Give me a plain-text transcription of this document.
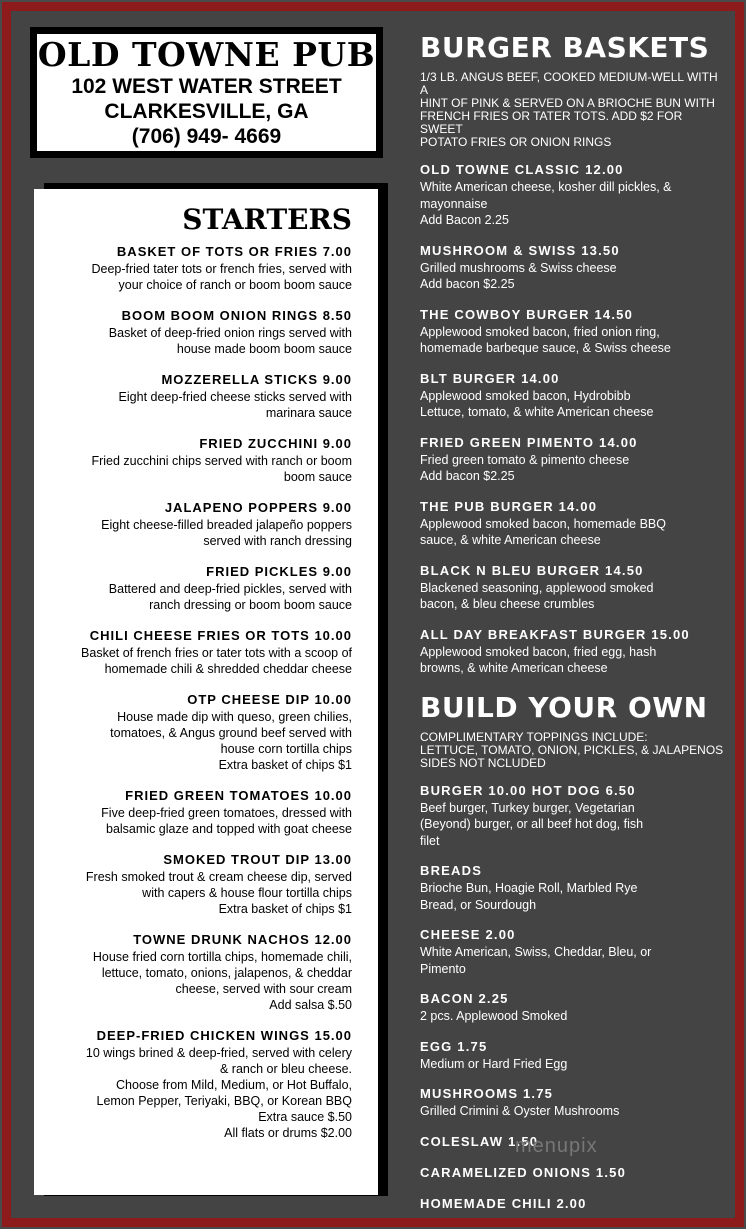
OLD TOWNE PUB
102 WEST WATER STREET
CLARKESVILLE, GA
(706) 949- 4669
STARTERS
BASKET OF TOTS OR FRIES 7.00
Deep-fried tater tots or french fries, served with
your choice of ranch or boom boom sauce
BOOM BOOM ONION RINGS 8.50
Basket of deep-fried onion rings served with
house made boom boom sauce
MOZZERELLA STICKS 9.00
Eight deep-fried cheese sticks served with
marinara sauce
FRIED ZUCCHINI 9.00
Fried zucchini chips served with ranch or boom
boom sauce
JALAPENO POPPERS 9.00
Eight cheese-filled breaded jalapeño poppers
served with ranch dressing
FRIED PICKLES 9.00
Battered and deep-fried pickles, served with
ranch dressing or boom boom sauce
CHILI CHEESE FRIES OR TOTS 10.00
Basket of french fries or tater tots with a scoop of
homemade chili & shredded cheddar cheese
OTP CHEESE DIP 10.00
House made dip with queso, green chilies,
tomatoes, & Angus ground beef served with
house corn tortilla chips
Extra basket of chips $1
FRIED GREEN TOMATOES 10.00
Five deep-fried green tomatoes, dressed with
balsamic glaze and topped with goat cheese
SMOKED TROUT DIP 13.00
Fresh smoked trout & cream cheese dip, served
with capers & house flour tortilla chips
Extra basket of chips $1
TOWNE DRUNK NACHOS 12.00
House fried corn tortilla chips, homemade chili,
lettuce, tomato, onions, jalapenos, & cheddar
cheese, served with sour cream
Add salsa $.50
DEEP-FRIED CHICKEN WINGS 15.00
10 wings brined & deep-fried, served with celery
& ranch or bleu cheese.
Choose from Mild, Medium, or Hot Buffalo,
Lemon Pepper, Teriyaki, BBQ, or Korean BBQ
Extra sauce $.50
All flats or drums $2.00
BURGER BASKETS
1/3 LB. ANGUS BEEF, COOKED MEDIUM-WELL WITH A
HINT OF PINK & SERVED ON A BRIOCHE BUN WITH
FRENCH FRIES OR TATER TOTS. ADD $2 FOR SWEET
POTATO FRIES OR ONION RINGS
OLD TOWNE CLASSIC 12.00
White American cheese, kosher dill pickles, &
mayonnaise
Add Bacon 2.25
MUSHROOM & SWISS 13.50
Grilled mushrooms & Swiss cheese
Add bacon $2.25
THE COWBOY BURGER 14.50
Applewood smoked bacon, fried onion ring,
homemade barbeque sauce, & Swiss cheese
BLT BURGER 14.00
Applewood smoked bacon, Hydrobibb
Lettuce, tomato, & white American cheese
FRIED GREEN PIMENTO 14.00
Fried green tomato & pimento cheese
Add bacon $2.25
THE PUB BURGER 14.00
Applewood smoked bacon, homemade BBQ
sauce, & white American cheese
BLACK N BLEU BURGER 14.50
Blackened seasoning, applewood smoked
bacon, & bleu cheese crumbles
ALL DAY BREAKFAST BURGER 15.00
Applewood smoked bacon, fried egg, hash
browns, & white American cheese
BUILD YOUR OWN
COMPLIMENTARY TOPPINGS INCLUDE:
LETTUCE, TOMATO, ONION, PICKLES, & JALAPENOS
SIDES NOT NCLUDED
BURGER 10.00 HOT DOG 6.50
Beef burger, Turkey burger, Vegetarian
(Beyond) burger, or all beef hot dog, fish
filet
BREADS
Brioche Bun, Hoagie Roll, Marbled Rye
Bread, or Sourdough
CHEESE 2.00
White American, Swiss, Cheddar, Bleu, or
Pimento
BACON 2.25
2 pcs. Applewood Smoked
EGG 1.75
Medium or Hard Fried Egg
MUSHROOMS 1.75
Grilled Crimini & Oyster Mushrooms
COLESLAW 1.50
CARAMELIZED ONIONS 1.50
HOMEMADE CHILI 2.00
menupix
